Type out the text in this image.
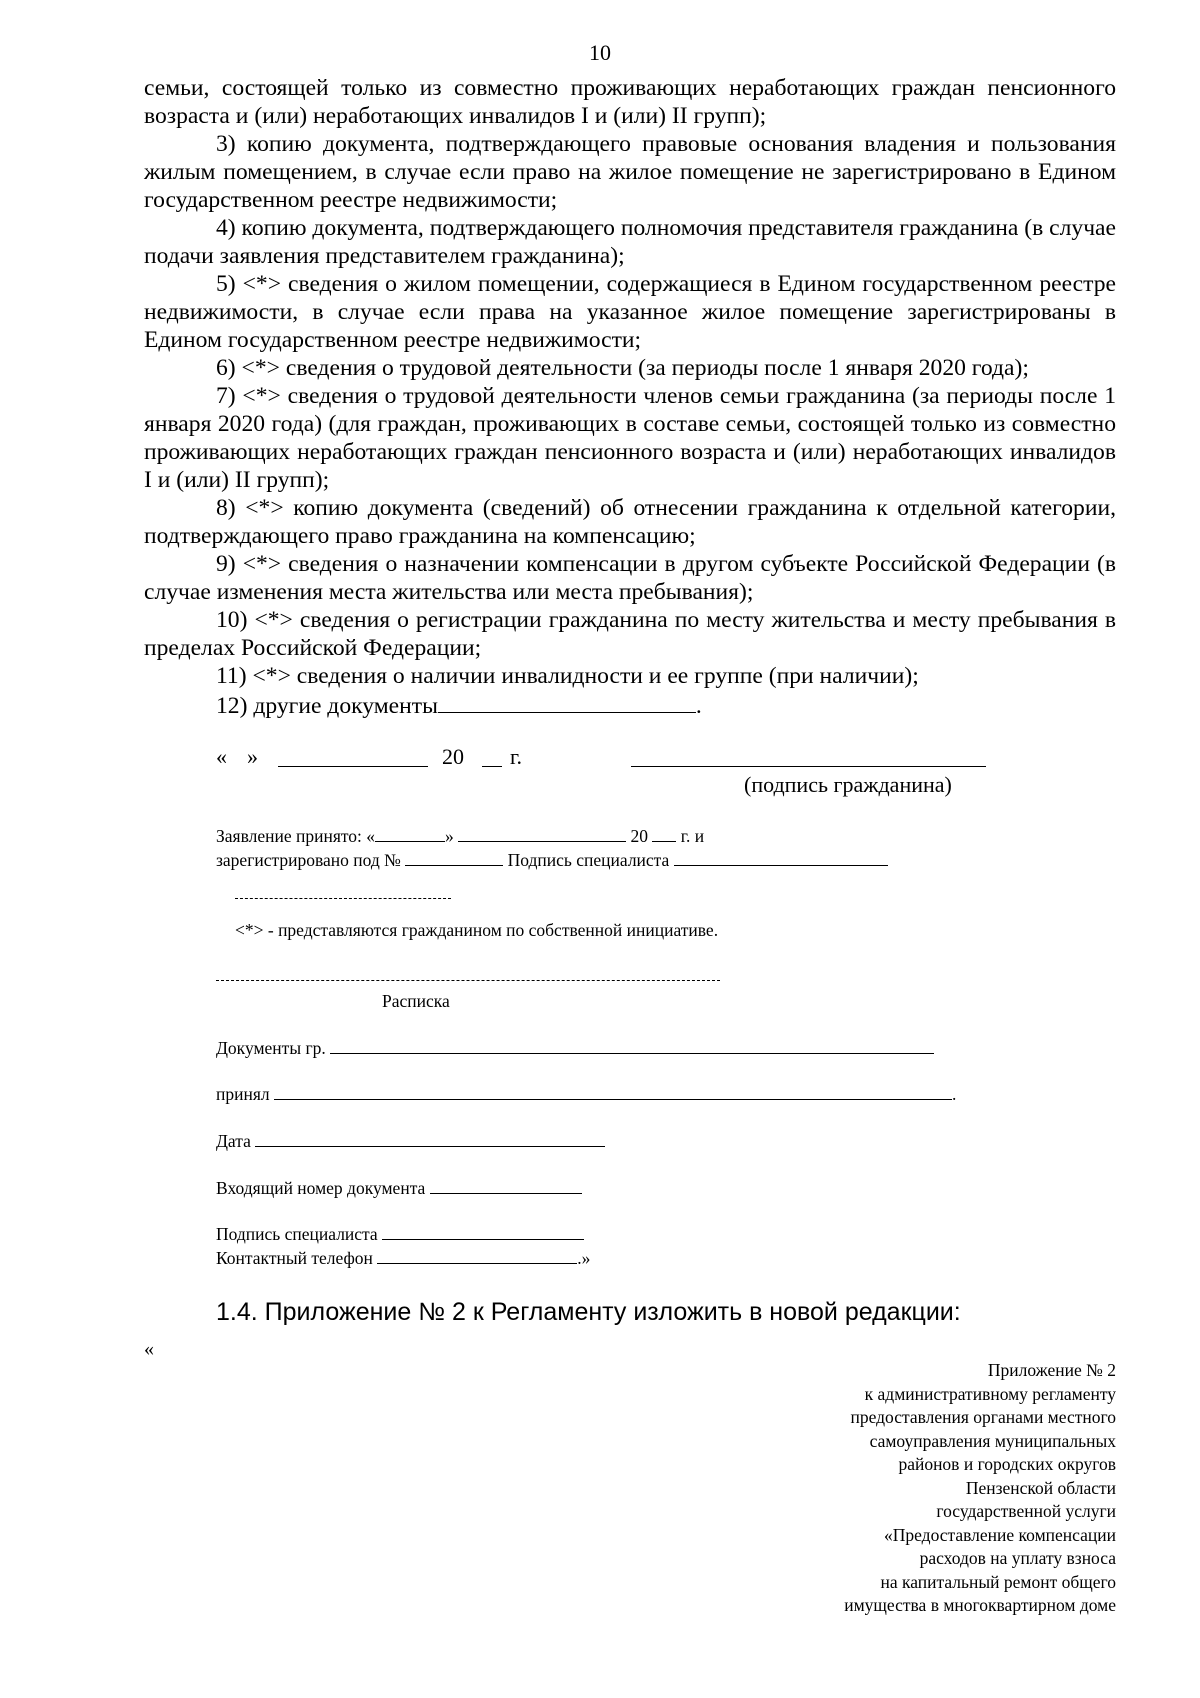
10

семьи, состоящей только из совместно проживающих неработающих граждан пенсионного возраста и (или) неработающих инвалидов I и (или) II групп);

3) копию документа, подтверждающего правовые основания владения и пользования жилым помещением, в случае если право на жилое помещение не зарегистрировано в Едином государственном реестре недвижимости;

4) копию документа, подтверждающего полномочия представителя гражданина (в случае подачи заявления представителем гражданина);

5) <*> сведения о жилом помещении, содержащиеся в Едином государственном реестре недвижимости, в случае если права на указанное жилое помещение зарегистрированы в Едином государственном реестре недвижимости;

6) <*> сведения о трудовой деятельности (за периоды после 1 января 2020 года);

7) <*> сведения о трудовой деятельности членов семьи гражданина (за периоды после 1 января 2020 года) (для граждан, проживающих в составе семьи, состоящей только из совместно проживающих неработающих граждан пенсионного возраста и (или) неработающих инвалидов I и (или) II групп);

8) <*> копию документа (сведений) об отнесении гражданина к отдельной категории, подтверждающего право гражданина на компенсацию;

9) <*> сведения о назначении компенсации в другом субъекте Российской Федерации (в случае изменения места жительства или места пребывания);

10) <*> сведения о регистрации гражданина по месту жительства и месту пребывания в пределах Российской Федерации;

11) <*> сведения о наличии инвалидности и ее группе (при наличии);

12) другие документы	.

« »	20 г.
(подпись гражданина)
Заявление принято: «	»	20 г. и
зарегистрировано под №	Подпись специалиста
<*> - представляются гражданином по собственной инициативе.
Расписка
Документы гр.
принял	.
Дата
Входящий номер документа
Подпись специалиста
Контактный телефон	.»
1.4. Приложение № 2 к Регламенту изложить в новой редакции:
«
Приложение № 2
к административному регламенту
предоставления органами местного
самоуправления муниципальных
районов и городских округов
Пензенской области
государственной услуги
«Предоставление компенсации
расходов на уплату взноса
на капитальный ремонт общего
имущества в многоквартирном доме
